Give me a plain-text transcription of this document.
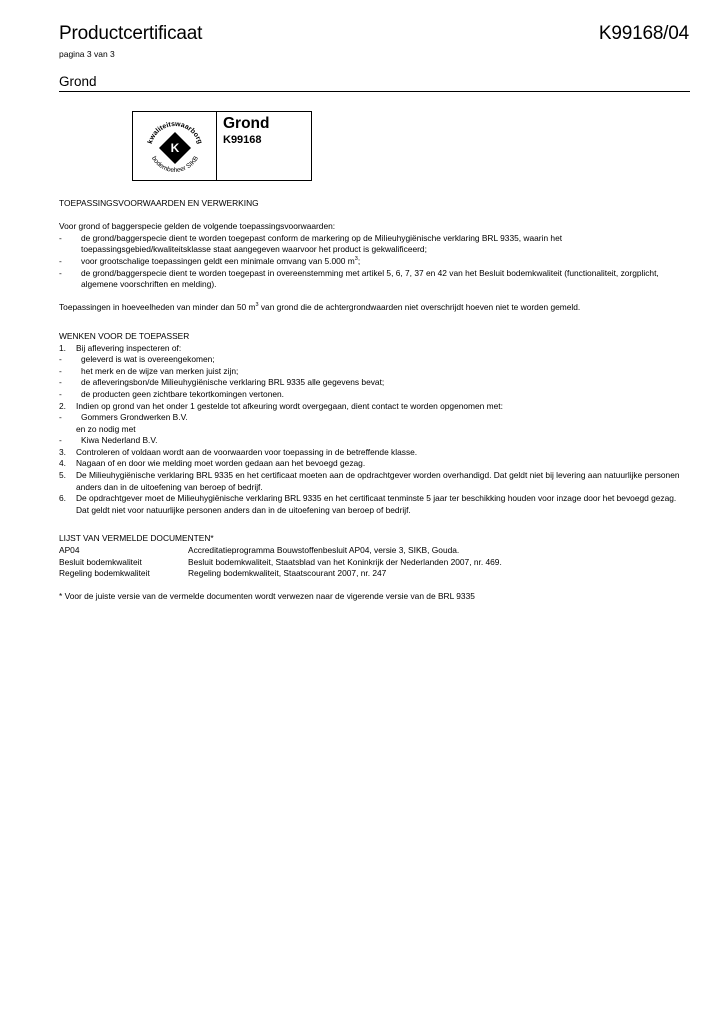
Productcertificaat	K99168/04
pagina 3 van 3
Grond
kwaliteitswaarborg
bodembeheer SIKB
K
Grond
K99168

TOEPASSINGSVOORWAARDEN EN VERWERKING

Voor grond of baggerspecie gelden de volgende toepassingsvoorwaarden:

- de grond/baggerspecie dient te worden toegepast conform de markering op de Milieuhygiënische verklaring BRL 9335, waarin het toepassingsgebied/kwaliteitsklasse staat aangegeven waarvoor het product is gekwalificeerd;
- voor grootschalige toepassingen geldt een minimale omvang van 5.000 $m^3$;
- de grond/baggerspecie dient te worden toegepast in overeenstemming met artikel 5, 6, 7, 37 en 42 van het Besluit bodemkwaliteit (functionaliteit, zorgplicht, algemene voorschriften en melding).

Toepassingen in hoeveelheden van minder dan 50 $m^3$ van grond die de achtergrondwaarden niet overschrijdt hoeven niet te worden gemeld.

WENKEN VOOR DE TOEPASSER

1. Bij aflevering inspecteren of:
- geleverd is wat is overeengekomen;
- het merk en de wijze van merken juist zijn;
- de afleveringsbon/de Milieuhygiënische verklaring BRL 9335 alle gegevens bevat;
- de producten geen zichtbare tekortkomingen vertonen.
2. Indien op grond van het onder 1 gestelde tot afkeuring wordt overgegaan, dient contact te worden opgenomen met:
- Gommers Grondwerken B.V.
en zo nodig met
- Kiwa Nederland B.V.
3. Controleren of voldaan wordt aan de voorwaarden voor toepassing in de betreffende klasse.
4. Nagaan of en door wie melding moet worden gedaan aan het bevoegd gezag.
5. De Milieuhygiënische verklaring BRL 9335 en het certificaat moeten aan de opdrachtgever worden overhandigd. Dat geldt niet bij levering aan natuurlijke personen anders dan in de uitoefening van beroep of bedrijf.
6. De opdrachtgever moet de Milieuhygiënische verklaring BRL 9335 en het certificaat tenminste 5 jaar ter beschikking houden voor inzage door het bevoegd gezag. Dat geldt niet voor natuurlijke personen anders dan in de uitoefening van beroep of bedrijf.

LIJST VAN VERMELDE DOCUMENTEN*

AP04	Accreditatieprogramma Bouwstoffenbesluit AP04, versie 3, SIKB, Gouda.
Besluit bodemkwaliteit	Besluit bodemkwaliteit, Staatsblad van het Koninkrijk der Nederlanden 2007, nr. 469.
Regeling bodemkwaliteit	Regeling bodemkwaliteit, Staatscourant 2007, nr. 247

* Voor de juiste versie van de vermelde documenten wordt verwezen naar de vigerende versie van de BRL 9335
